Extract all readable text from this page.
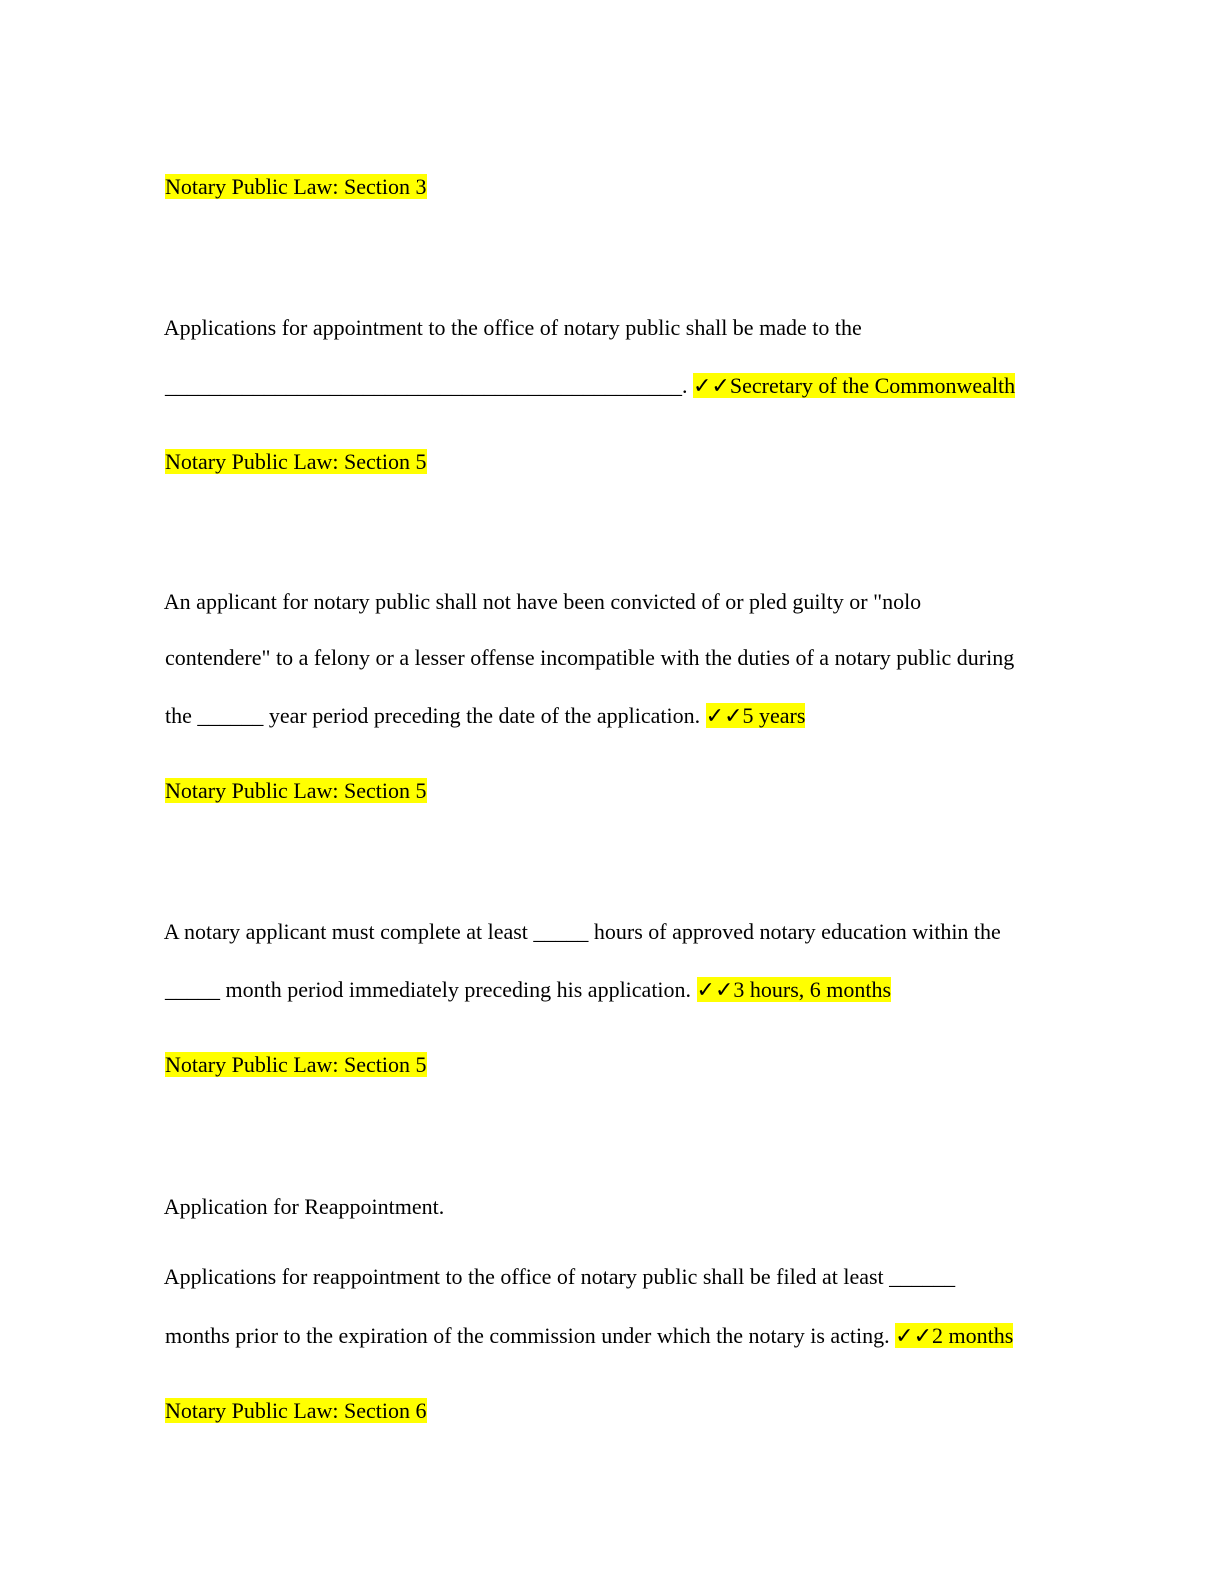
Notary Public Law: Section 3

Applications for appointment to the office of notary public shall be made to the

_______________________________________________. ✓✓Secretary of the Commonwealth

Notary Public Law: Section 5

An applicant for notary public shall not have been convicted of or pled guilty or "nolo

contendere" to a felony or a lesser offense incompatible with the duties of a notary public during

the ______ year period preceding the date of the application. ✓✓5 years

Notary Public Law: Section 5

A notary applicant must complete at least _____ hours of approved notary education within the

_____ month period immediately preceding his application. ✓✓3 hours, 6 months

Notary Public Law: Section 5

Application for Reappointment.

Applications for reappointment to the office of notary public shall be filed at least ______

months prior to the expiration of the commission under which the notary is acting. ✓✓2 months

Notary Public Law: Section 6
